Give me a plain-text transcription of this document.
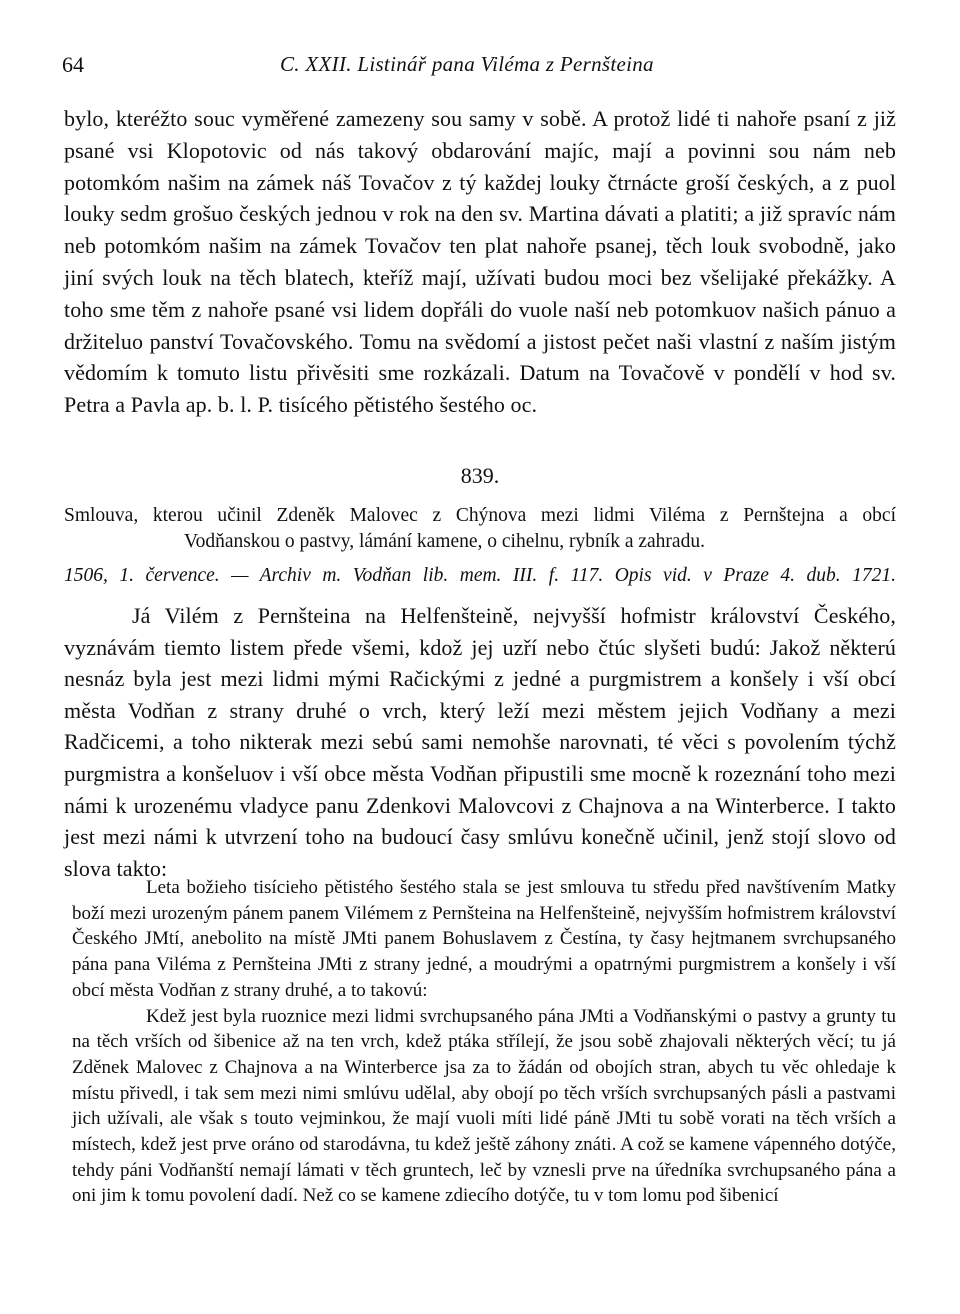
64	C. XXII. Listinář pana Viléma z Pernšteina

bylo, kteréžto souc vyměřené zamezeny sou samy v sobě. A protož lidé ti nahoře psaní z již psané vsi Klopotovic od nás takový obdarování majíc, mají a povinni sou nám neb potomkóm našim na zámek náš Tovačov z tý každej louky čtrnácte groší českých, a z puol louky sedm grošuo českých jednou v rok na den sv. Martina dávati a platiti; a již spravíc nám neb potomkóm našim na zámek Tovačov ten plat nahoře psanej, těch louk svobodně, jako jiní svých louk na těch blatech, kteříž mají, užívati budou moci bez všelijaké překážky. A toho sme těm z nahoře psané vsi lidem dopřáli do vuole naší neb potomkuov našich pánuo a držiteluo panství Tovačovského. Tomu na svědomí a jistost pečet naši vlastní z naším jistým vědomím k tomuto listu přivěsiti sme rozkázali. Datum na Tovačově v pondělí v hod sv. Petra a Pavla ap. b. l. P. tisícého pětistého šestého oc.

839.
Smlouva, kterou učinil Zdeněk Malovec z Chýnova mezi lidmi Viléma z Pernštejna a obcí
Vodňanskou o pastvy, lámání kamene, o cihelnu, rybník a zahradu.
1506, 1. července. — Archiv m. Vodňan lib. mem. III. f. 117. Opis vid. v Praze 4. dub. 1721.

Já Vilém z Pernšteina na Helfenšteině, nejvyšší hofmistr království Českého, vyznávám tiemto listem přede všemi, kdož jej uzří nebo čtúc slyšeti budú: Jakož některú nesnáz byla jest mezi lidmi mými Račickými z jedné a purgmistrem a konšely i vší obcí města Vodňan z strany druhé o vrch, který leží mezi městem jejich Vodňany a mezi Radčicemi, a toho nikterak mezi sebú sami nemohše narovnati, té věci s povolením týchž purgmistra a konšeluov i vší obce města Vodňan připustili sme mocně k rozeznání toho mezi námi k urozenému vladyce panu Zdenkovi Malovcovi z Chajnova a na Winterberce. I takto jest mezi námi k utvrzení toho na budoucí časy smlúvu konečně učinil, jenž stojí slovo od slova takto:

Leta božieho tisícieho pětistého šestého stala se jest smlouva tu středu před navštívením Matky boží mezi urozeným pánem panem Vilémem z Pernšteina na Helfenšteině, nejvyšším hofmistrem království Českého JMtí, anebolito na místě JMti panem Bohuslavem z Čestína, ty časy hejtmanem svrchupsaného pána pana Viléma z Pernšteina JMti z strany jedné, a moudrými a opatrnými purgmistrem a konšely i vší obcí města Vodňan z strany druhé, a to takovú:

Kdež jest byla ruoznice mezi lidmi svrchupsaného pána JMti a Vodňanskými o pastvy a grunty tu na těch vrších od šibenice až na ten vrch, kdež ptáka střílejí, že jsou sobě zhajovali některých věcí; tu já Zděnek Malovec z Chajnova a na Winterberce jsa za to žádán od obojích stran, abych tu věc ohledaje k místu přivedl, i tak sem mezi nimi smlúvu udělal, aby obojí po těch vrších svrchupsaných pásli a pastvami jich užívali, ale však s touto vejminkou, že mají vuoli míti lidé páně JMti tu sobě vorati na těch vrších a místech, kdež jest prve oráno od starodávna, tu kdež ještě záhony znáti. A což se kamene vápenného dotýče, tehdy páni Vodňanští nemají lámati v těch gruntech, leč by vznesli prve na úředníka svrchupsaného pána a oni jim k tomu povolení dadí. Než co se kamene zdiecího dotýče, tu v tom lomu pod šibenicí
